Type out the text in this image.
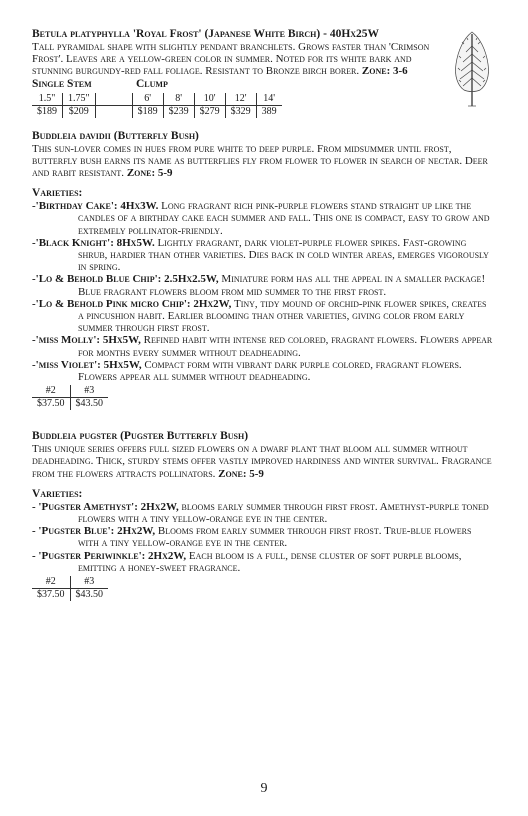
Betula platyphylla 'Royal Frost' (Japanese White Birch) - 40Hx25W
Tall pyramidal shape with slightly pendant branchlets. Grows faster than 'Crimson Frost'. Leaves are a yellow-green color in summer. Noted for its white bark and stunning burgundy-red fall foliage. Resistant to Bronze birch borer. Zone: 3-6
Single Stem	Clump
1.5"	1.75"		6'	8'	10'	12'	14'
$189	$209		$189	$239	$279	$329	389
Buddleia davidii (Butterfly Bush)
This sun-lover comes in hues from pure white to deep purple. From midsummer until frost, butterfly bush earns its name as butterflies fly from flower to flower in search of nectar. Deer and rabit resistant. Zone: 5-9
Varieties:
-'Birthday Cake': 4Hx3W. Long fragrant rich pink-purple flowers stand straight up like the candles of a birthday cake each summer and fall. This one is compact, easy to grow and extremely pollinator-friendly.
-'Black Knight': 8Hx5W. Lightly fragrant, dark violet-purple flower spikes. Fast-growing shrub, hardier than other varieties. Dies back in cold winter areas, emerges vigorously in spring.
-'Lo & Behold Blue Chip': 2.5Hx2.5W, Miniature form has all the appeal in a smaller package! Blue fragrant flowers bloom from mid summer to the first frost.
-'Lo & Behold Pink micro Chip': 2Hx2W, Tiny, tidy mound of orchid-pink flower spikes, creates a pincushion habit. Earlier blooming than other varieties, giving color from early summer through first frost.
-'miss Molly': 5Hx5W, Refined habit with intense red colored, fragrant flowers. Flowers appear for months every summer without deadheading.
-'miss Violet': 5Hx5W, Compact form with vibrant dark purple colored, fragrant flowers. Flowers appear all summer without deadheading.
#2	#3
$37.50	$43.50
Buddleia pugster (Pugster Butterfly Bush)
This unique series offers full sized flowers on a dwarf plant that bloom all summer without deadheading. Thick, sturdy stems offer vastly improved hardiness and winter survival. Fragrance from the flowers attracts pollinators. Zone: 5-9
Varieties:
- 'Pugster Amethyst': 2Hx2W, blooms early summer through first frost. Amethyst-purple toned flowers with a tiny yellow-orange eye in the center.
- 'Pugster Blue': 2Hx2W, Blooms from early summer through first frost. True-blue flowers with a tiny yellow-orange eye in the center.
- 'Pugster Periwinkle': 2Hx2W, Each bloom is a full, dense cluster of soft purple blooms, emitting a honey-sweet fragrance.
#2	#3
$37.50	$43.50
9
